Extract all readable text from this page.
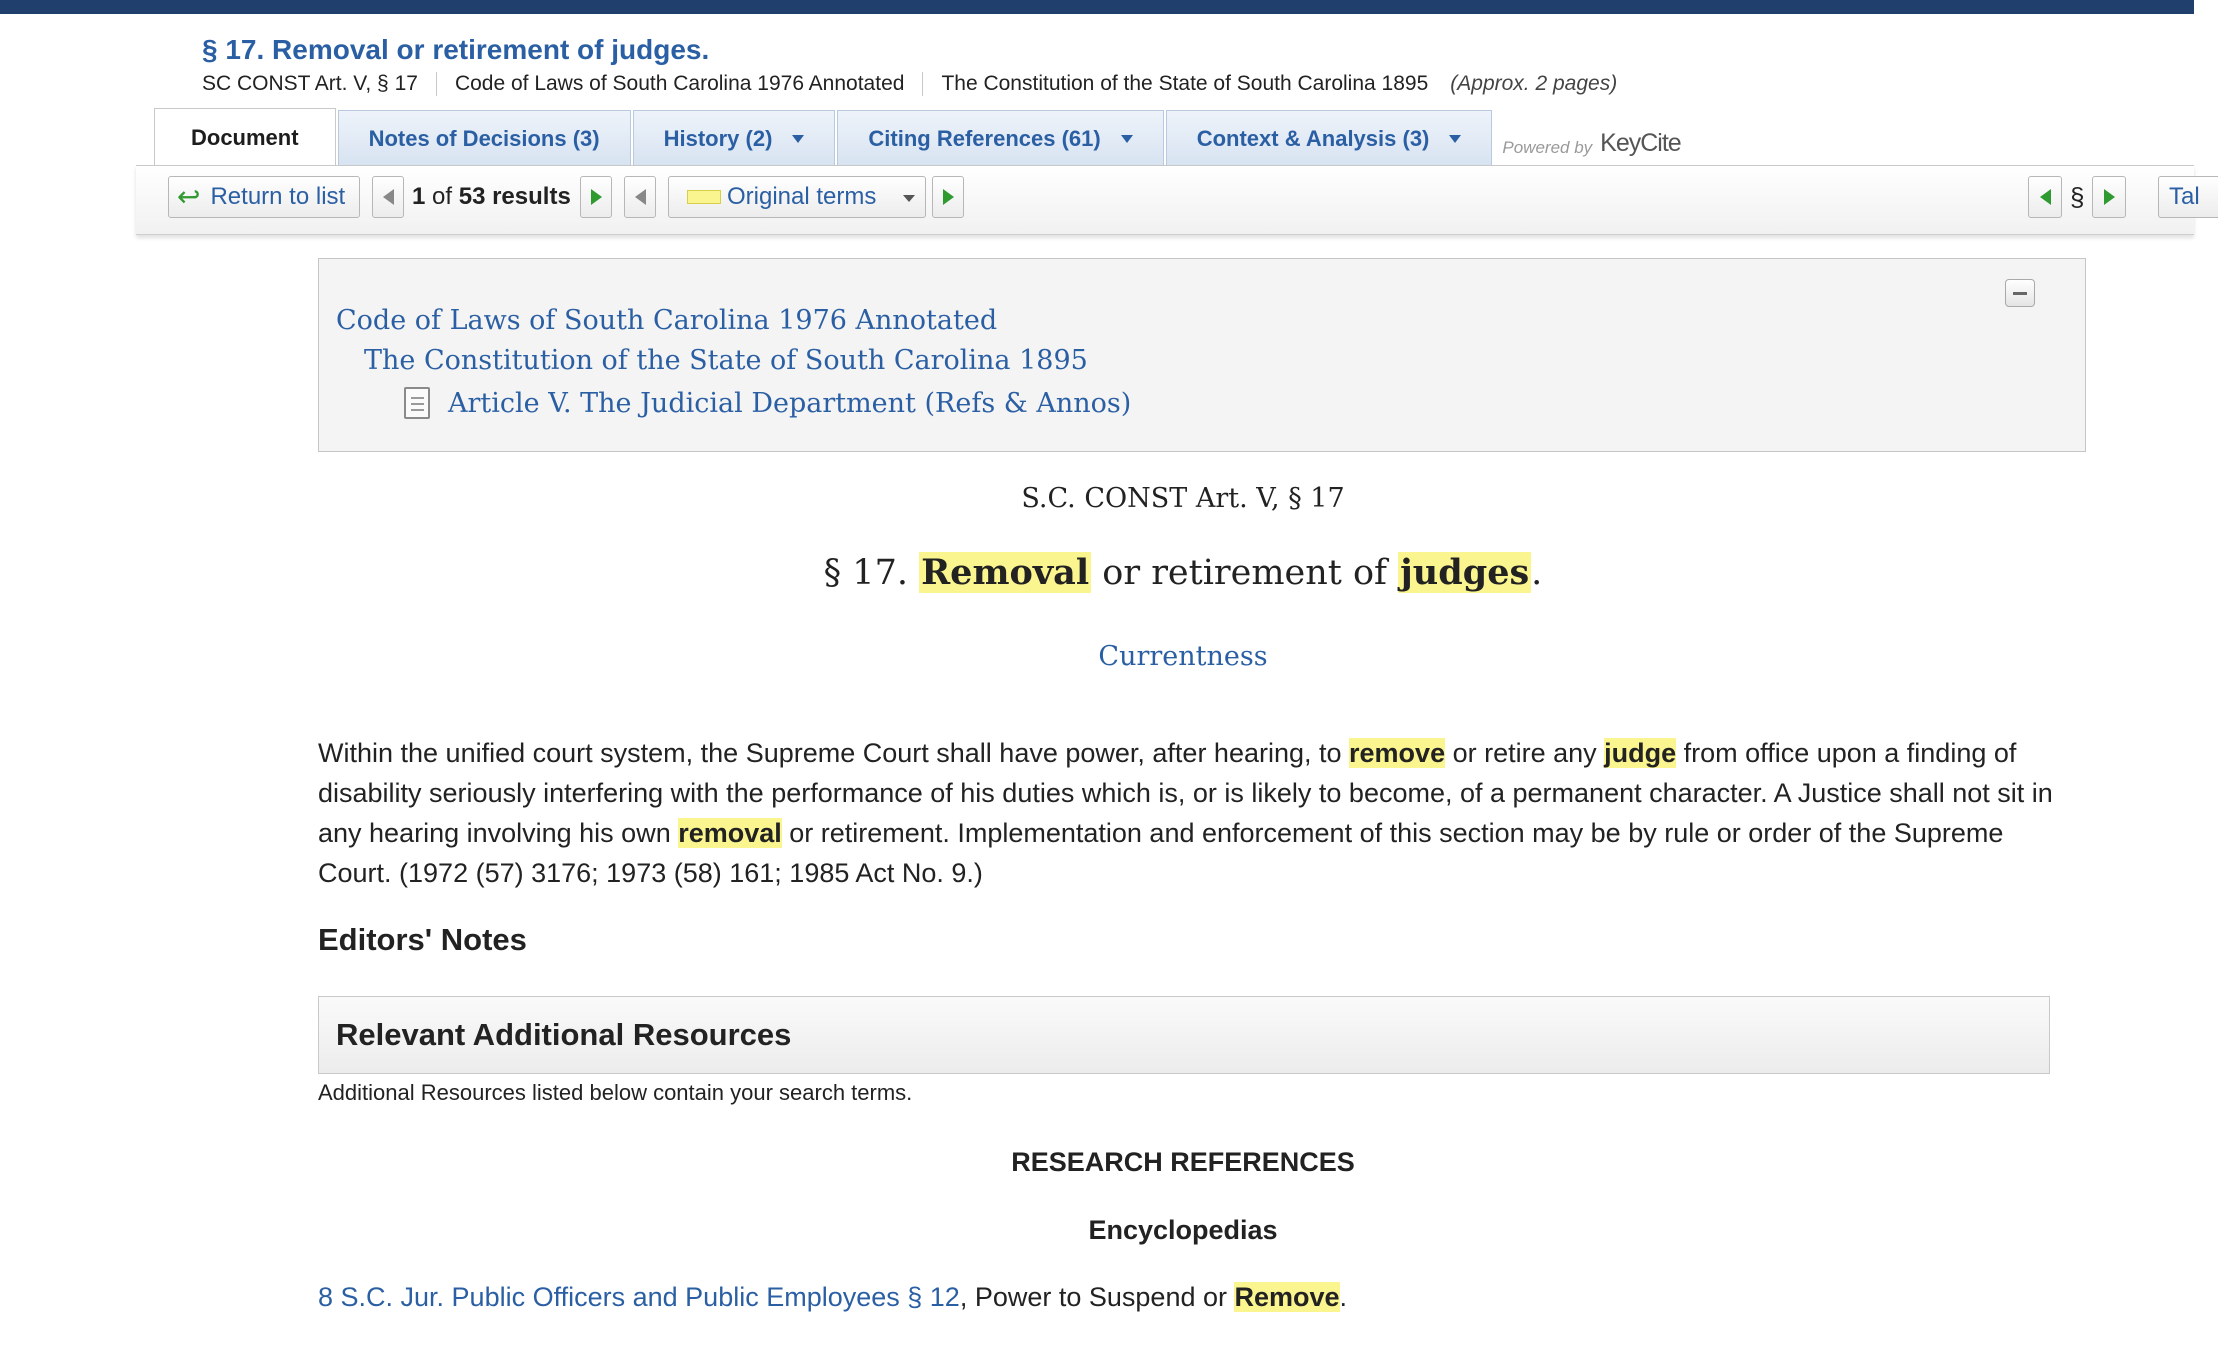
§ 17. Removal or retirement of judges.
SC CONST Art. V, § 17 Code of Laws of South Carolina 1976 Annotated The Constitution of the State of South Carolina 1895 (Approx. 2 pages)
Document	Notes of Decisions (3)	History (2)	Citing References (61)	Context & Analysis (3)	Powered by KeyCite
↩ Return to list	1 of 53 results	Original terms	§	Tal
Code of Laws of South Carolina 1976 Annotated
The Constitution of the State of South Carolina 1895
Article V. The Judicial Department (Refs & Annos)
S.C. CONST Art. V, § 17
§ 17. Removal or retirement of judges.
Currentness
Within the unified court system, the Supreme Court shall have power, after hearing, to remove or retire any judge from office upon a finding of disability seriously interfering with the performance of his duties which is, or is likely to become, of a permanent character. A Justice shall not sit in any hearing involving his own removal or retirement. Implementation and enforcement of this section may be by rule or order of the Supreme Court. (1972 (57) 3176; 1973 (58) 161; 1985 Act No. 9.)
Editors' Notes
Relevant Additional Resources
Additional Resources listed below contain your search terms.
RESEARCH REFERENCES
Encyclopedias
8 S.C. Jur. Public Officers and Public Employees § 12, Power to Suspend or Remove.
